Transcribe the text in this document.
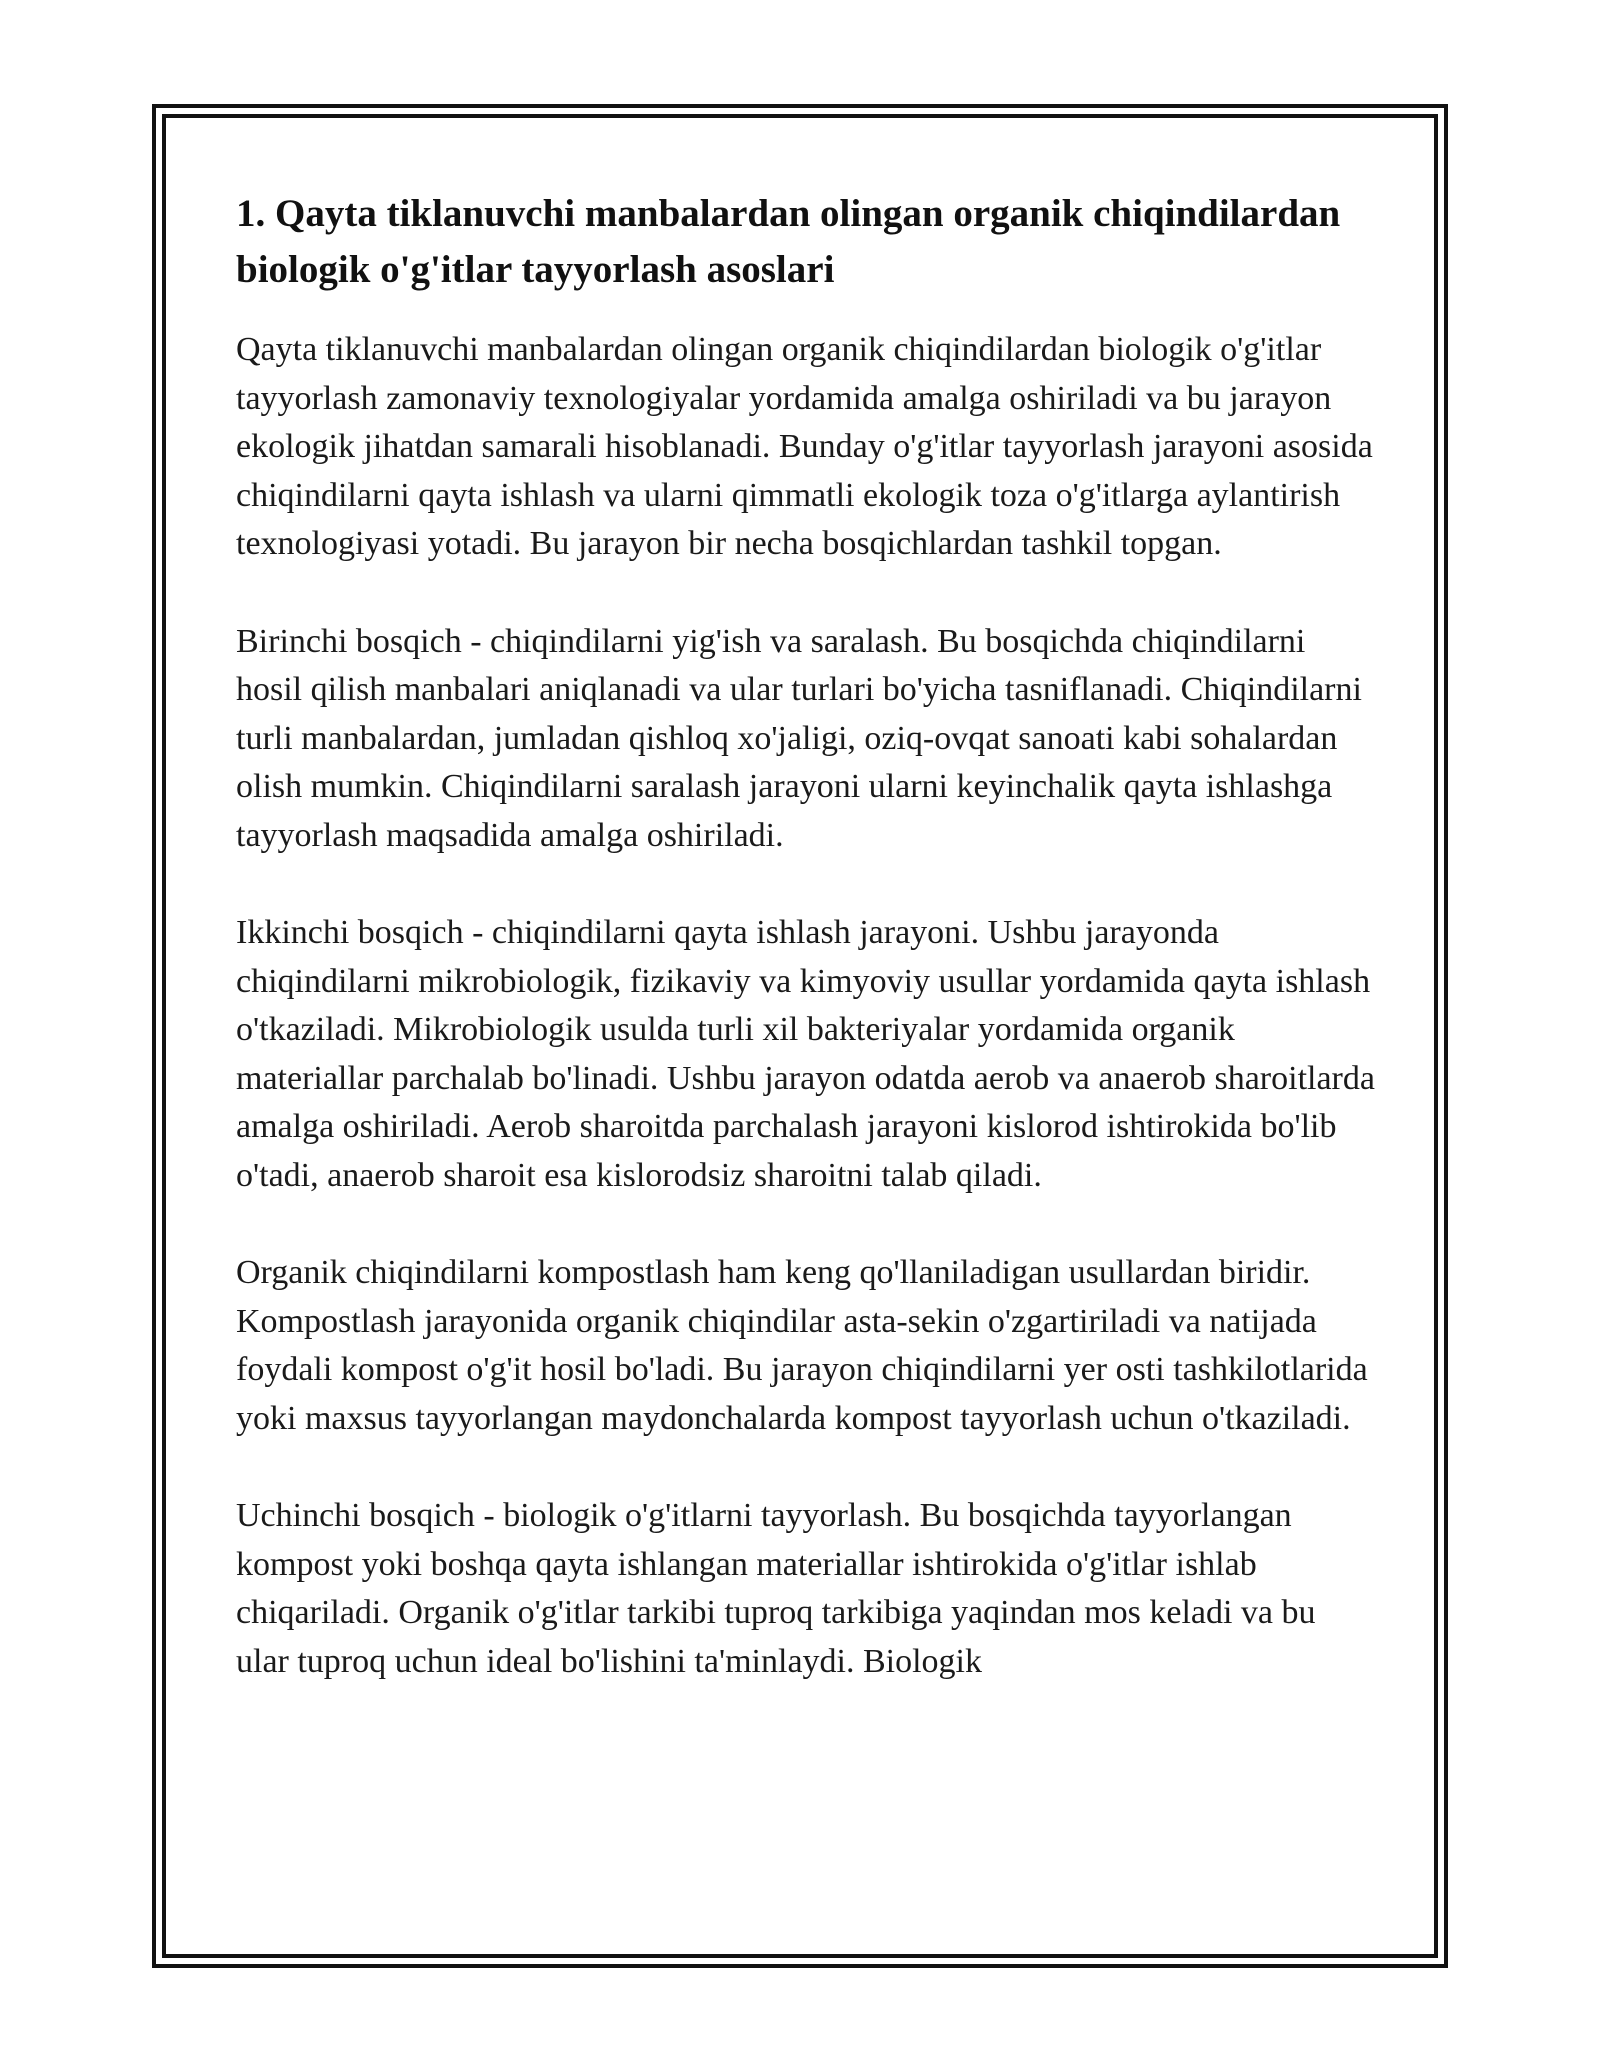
1. Qayta tiklanuvchi manbalardan olingan organik chiqindilardan biologik o'g'itlar tayyorlash asoslari

Qayta tiklanuvchi manbalardan olingan organik chiqindilardan biologik o'g'itlar tayyorlash zamonaviy texnologiyalar yordamida amalga oshiriladi va bu jarayon ekologik jihatdan samarali hisoblanadi. Bunday o'g'itlar tayyorlash jarayoni asosida chiqindilarni qayta ishlash va ularni qimmatli ekologik toza o'g'itlarga aylantirish texnologiyasi yotadi. Bu jarayon bir necha bosqichlardan tashkil topgan.

Birinchi bosqich - chiqindilarni yig'ish va saralash. Bu bosqichda chiqindilarni hosil qilish manbalari aniqlanadi va ular turlari bo'yicha tasniflanadi. Chiqindilarni turli manbalardan, jumladan qishloq xo'jaligi, oziq-ovqat sanoati kabi sohalardan olish mumkin. Chiqindilarni saralash jarayoni ularni keyinchalik qayta ishlashga tayyorlash maqsadida amalga oshiriladi.

Ikkinchi bosqich - chiqindilarni qayta ishlash jarayoni. Ushbu jarayonda chiqindilarni mikrobiologik, fizikaviy va kimyoviy usullar yordamida qayta ishlash o'tkaziladi. Mikrobiologik usulda turli xil bakteriyalar yordamida organik materiallar parchalab bo'linadi. Ushbu jarayon odatda aerob va anaerob sharoitlarda amalga oshiriladi. Aerob sharoitda parchalash jarayoni kislorod ishtirokida bo'lib o'tadi, anaerob sharoit esa kislorodsiz sharoitni talab qiladi.

Organik chiqindilarni kompostlash ham keng qo'llaniladigan usullardan biridir. Kompostlash jarayonida organik chiqindilar asta-sekin o'zgartiriladi va natijada foydali kompost o'g'it hosil bo'ladi. Bu jarayon chiqindilarni yer osti tashkilotlarida yoki maxsus tayyorlangan maydonchalarda kompost tayyorlash uchun o'tkaziladi.

Uchinchi bosqich - biologik o'g'itlarni tayyorlash. Bu bosqichda tayyorlangan kompost yoki boshqa qayta ishlangan materiallar ishtirokida o'g'itlar ishlab chiqariladi. Organik o'g'itlar tarkibi tuproq tarkibiga yaqindan mos keladi va bu ular tuproq uchun ideal bo'lishini ta'minlaydi. Biologik
